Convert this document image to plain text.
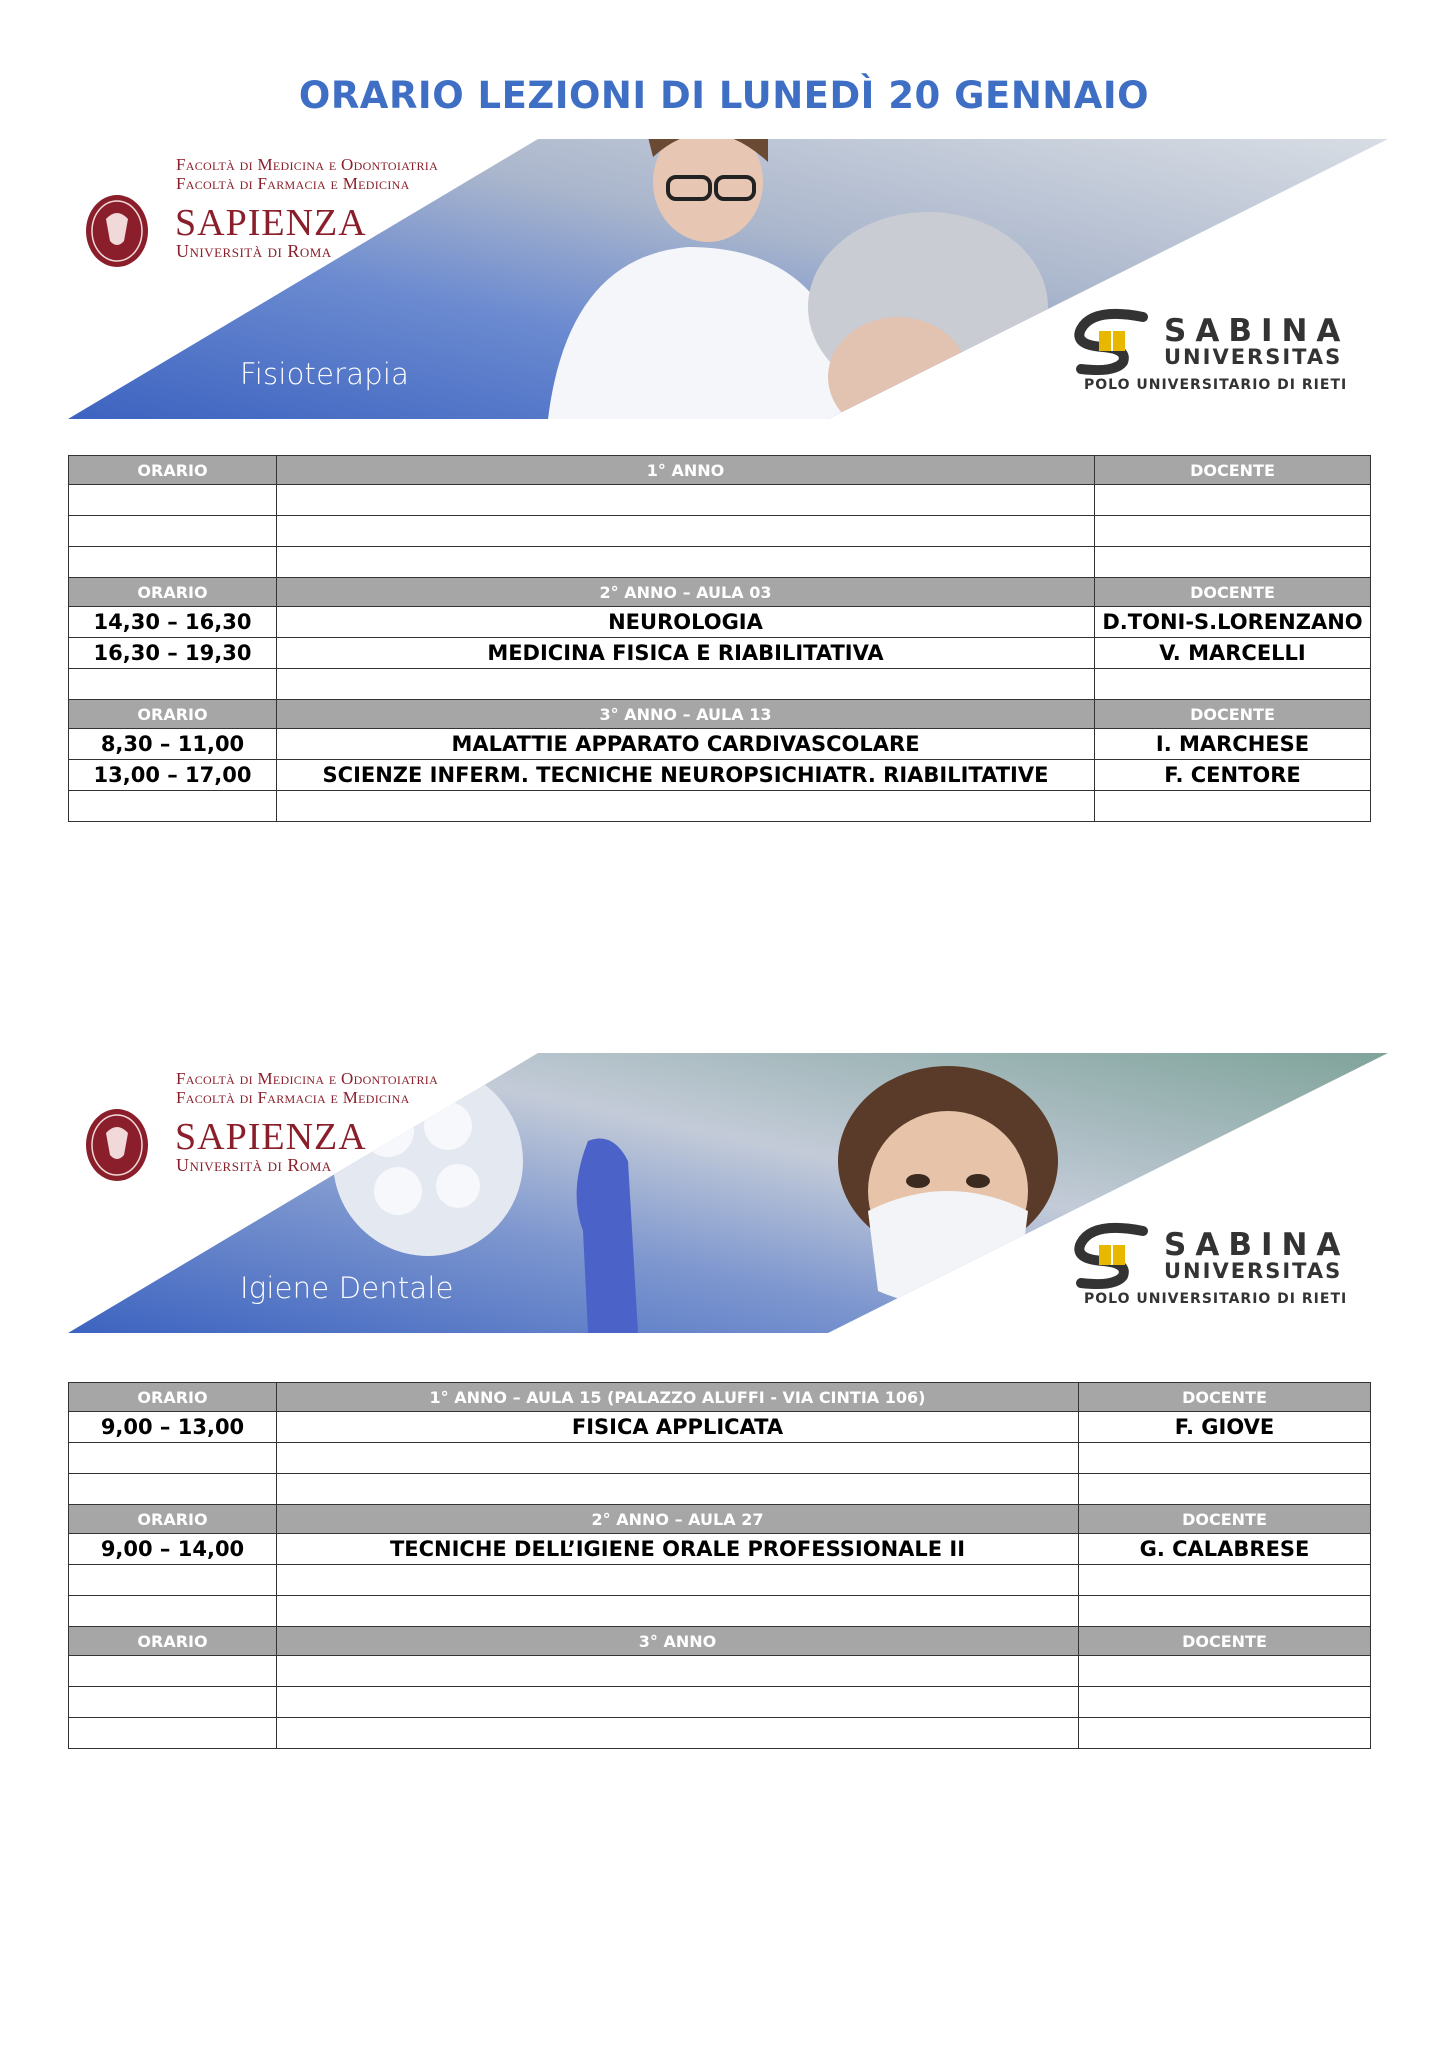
ORARIO LEZIONI DI LUNEDÌ 20 GENNAIO
Facoltà di Medicina e Odontoiatria
Facoltà di Farmacia e Medicina
SAPIENZA
Università di Roma
Fisioterapia
SABINA
UNIVERSITAS
POLO UNIVERSITARIO DI RIETI
ORARIO	1° ANNO	DOCENTE

ORARIO	2° ANNO – AULA 03	DOCENTE
14,30 – 16,30	NEUROLOGIA	D.TONI-S.LORENZANO
16,30 – 19,30	MEDICINA FISICA E RIABILITATIVA	V. MARCELLI

ORARIO	3° ANNO – AULA 13	DOCENTE
8,30 – 11,00	MALATTIE APPARATO CARDIVASCOLARE	I. MARCHESE
13,00 – 17,00	SCIENZE INFERM. TECNICHE NEUROPSICHIATR. RIABILITATIVE	F. CENTORE

Facoltà di Medicina e Odontoiatria
Facoltà di Farmacia e Medicina
SAPIENZA
Università di Roma
Igiene Dentale
SABINA
UNIVERSITAS
POLO UNIVERSITARIO DI RIETI
ORARIO	1° ANNO – AULA 15 (PALAZZO ALUFFI - VIA CINTIA 106)	DOCENTE
9,00 – 13,00	FISICA APPLICATA	F. GIOVE

ORARIO	2° ANNO – AULA 27	DOCENTE
9,00 – 14,00	TECNICHE DELL’IGIENE ORALE PROFESSIONALE II	G. CALABRESE

ORARIO	3° ANNO	DOCENTE
